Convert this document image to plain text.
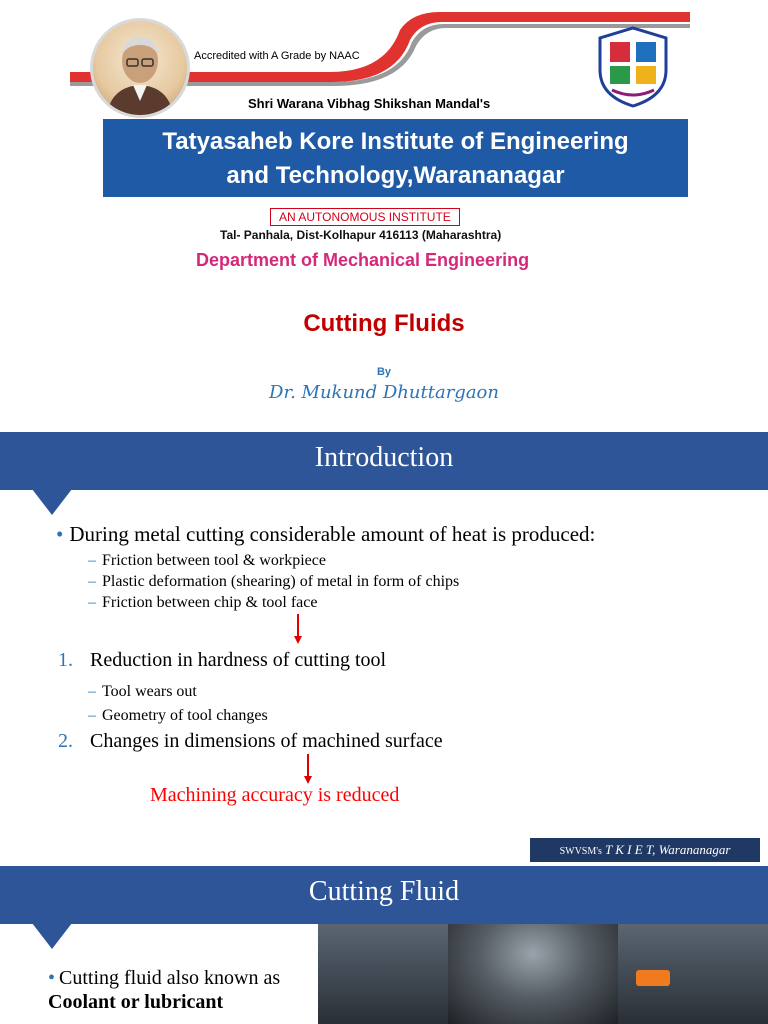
Accredited with A Grade by NAAC
Shri Warana Vibhag Shikshan Mandal's
Tatyasaheb Kore Institute of Engineering
and Technology,Warananagar
AN AUTONOMOUS INSTITUTE
Tal- Panhala, Dist-Kolhapur 416113 (Maharashtra)
Department of Mechanical Engineering
Cutting Fluids
By
Dr. Mukund Dhuttargaon
Introduction
• During metal cutting considerable amount of heat is produced:
– Friction between tool & workpiece
– Plastic deformation (shearing) of metal in form of chips
– Friction between chip & tool face
1. Reduction in hardness of cutting tool
– Tool wears out
– Geometry of tool changes
2. Changes in dimensions of machined surface
Machining accuracy is reduced
SWVSM's T K I E T, Warananagar
Cutting Fluid
• Cutting fluid also known as Coolant or lubricant
